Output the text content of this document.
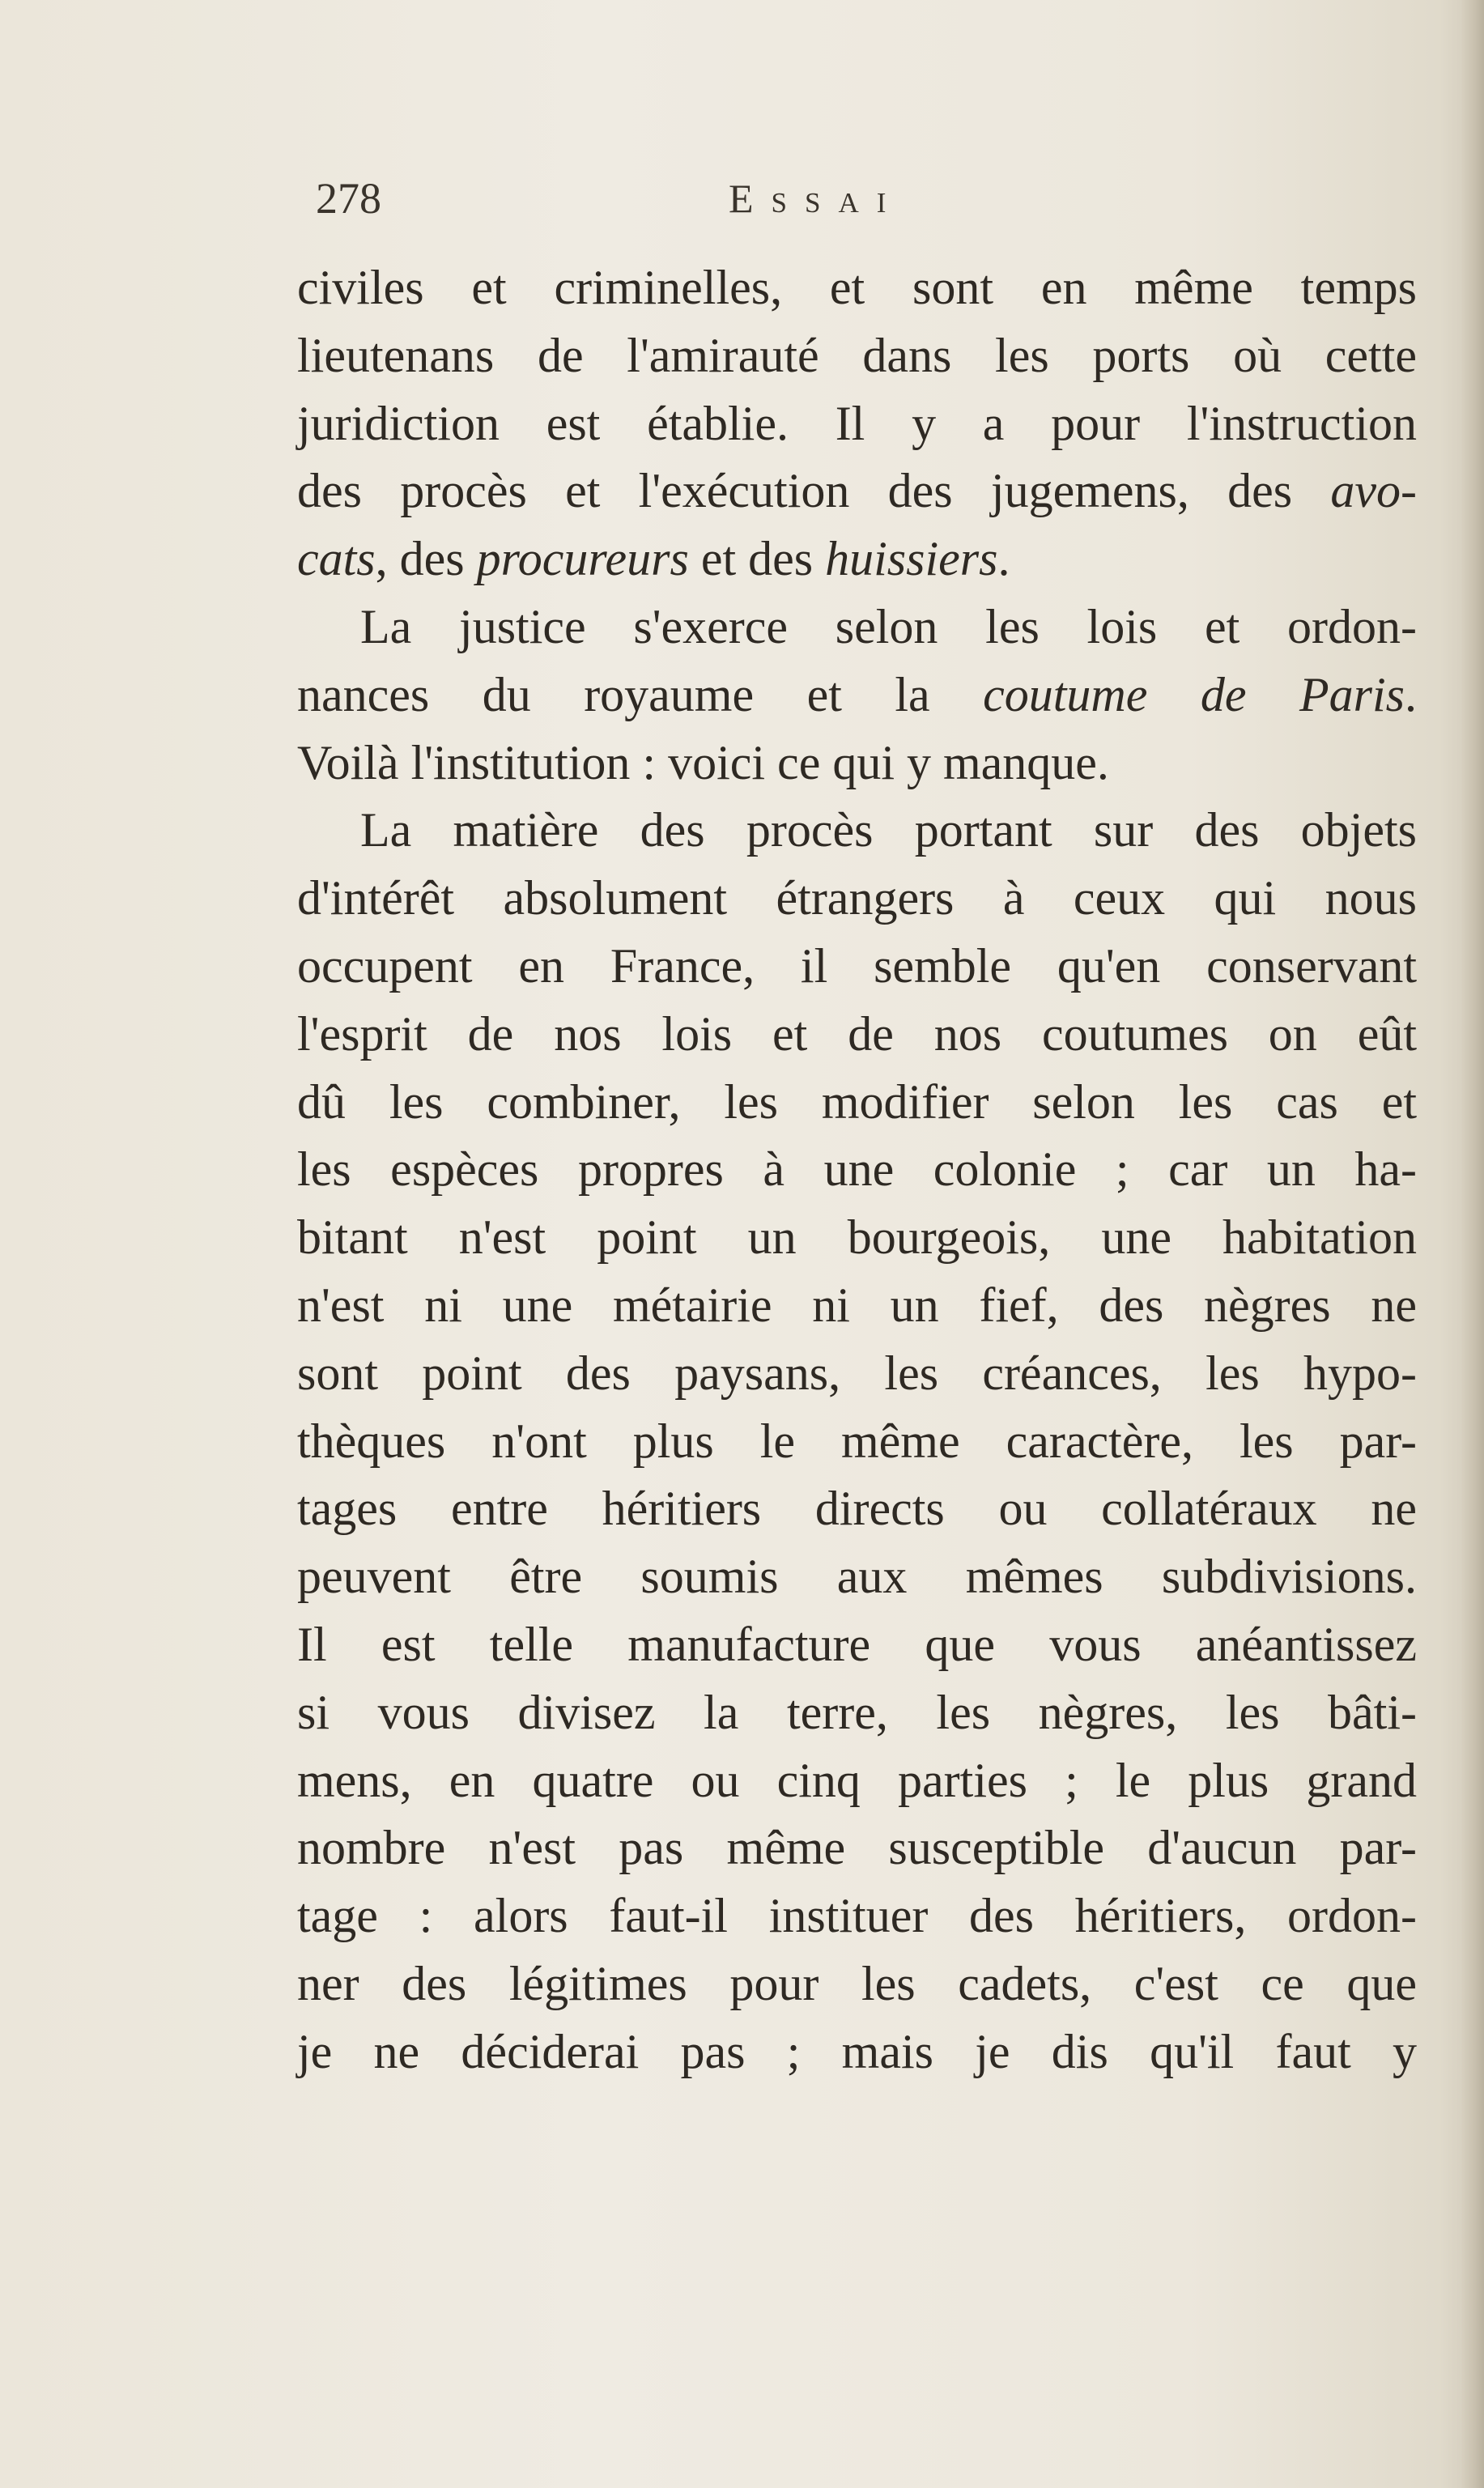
278	Essai
civiles et criminelles, et sont en même temps
lieutenans de l'amirauté dans les ports où cette
juridiction est établie. Il y a pour l'instruction
des procès et l'exécution des jugemens, des avo-
cats, des procureurs et des huissiers.
La justice s'exerce selon les lois et ordon-
nances du royaume et la coutume de Paris.
Voilà l'institution : voici ce qui y manque.
La matière des procès portant sur des objets
d'intérêt absolument étrangers à ceux qui nous
occupent en France, il semble qu'en conservant
l'esprit de nos lois et de nos coutumes on eût
dû les combiner, les modifier selon les cas et
les espèces propres à une colonie ; car un ha-
bitant n'est point un bourgeois, une habitation
n'est ni une métairie ni un fief, des nègres ne
sont point des paysans, les créances, les hypo-
thèques n'ont plus le même caractère, les par-
tages entre héritiers directs ou collatéraux ne
peuvent être soumis aux mêmes subdivisions.
Il est telle manufacture que vous anéantissez
si vous divisez la terre, les nègres, les bâti-
mens, en quatre ou cinq parties ; le plus grand
nombre n'est pas même susceptible d'aucun par-
tage : alors faut-il instituer des héritiers, ordon-
ner des légitimes pour les cadets, c'est ce que
je ne déciderai pas ; mais je dis qu'il faut y
